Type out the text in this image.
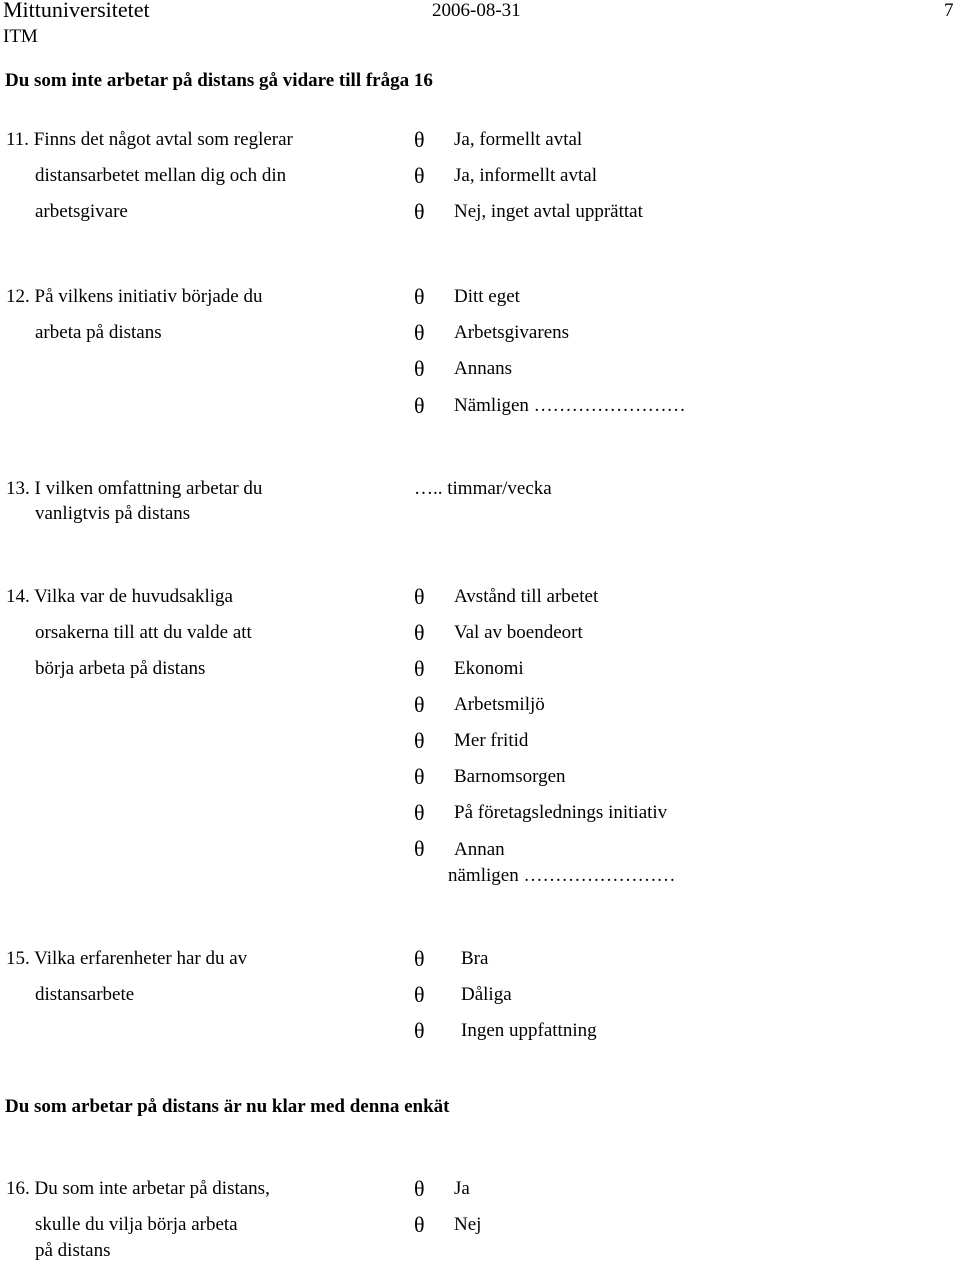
Mittuniversitetet
ITM
2006-08-31	7
Du som inte arbetar på distans gå vidare till fråga 16
11. Finns det något avtal som reglerar
distansarbetet mellan dig och din
arbetsgivare
θ Ja, formellt avtal
θ Ja, informellt avtal
θ Nej, inget avtal upprättat
12. På vilkens initiativ började du
arbeta på distans
θ Ditt eget
θ Arbetsgivarens
θ Annans
θ Nämligen ……………………
13. I vilken omfattning arbetar du
vanligtvis på distans
….. timmar/vecka
14. Vilka var de huvudsakliga
orsakerna till att du valde att
börja arbeta på distans
θ Avstånd till arbetet
θ Val av boendeort
θ Ekonomi
θ Arbetsmiljö
θ Mer fritid
θ Barnomsorgen
θ På företagslednings initiativ
θ Annan
nämligen ……………………
15. Vilka erfarenheter har du av
distansarbete
θ Bra
θ Dåliga
θ Ingen uppfattning
Du som arbetar på distans är nu klar med denna enkät
16. Du som inte arbetar på distans,
skulle du vilja börja arbeta
på distans
θ Ja
θ Nej
